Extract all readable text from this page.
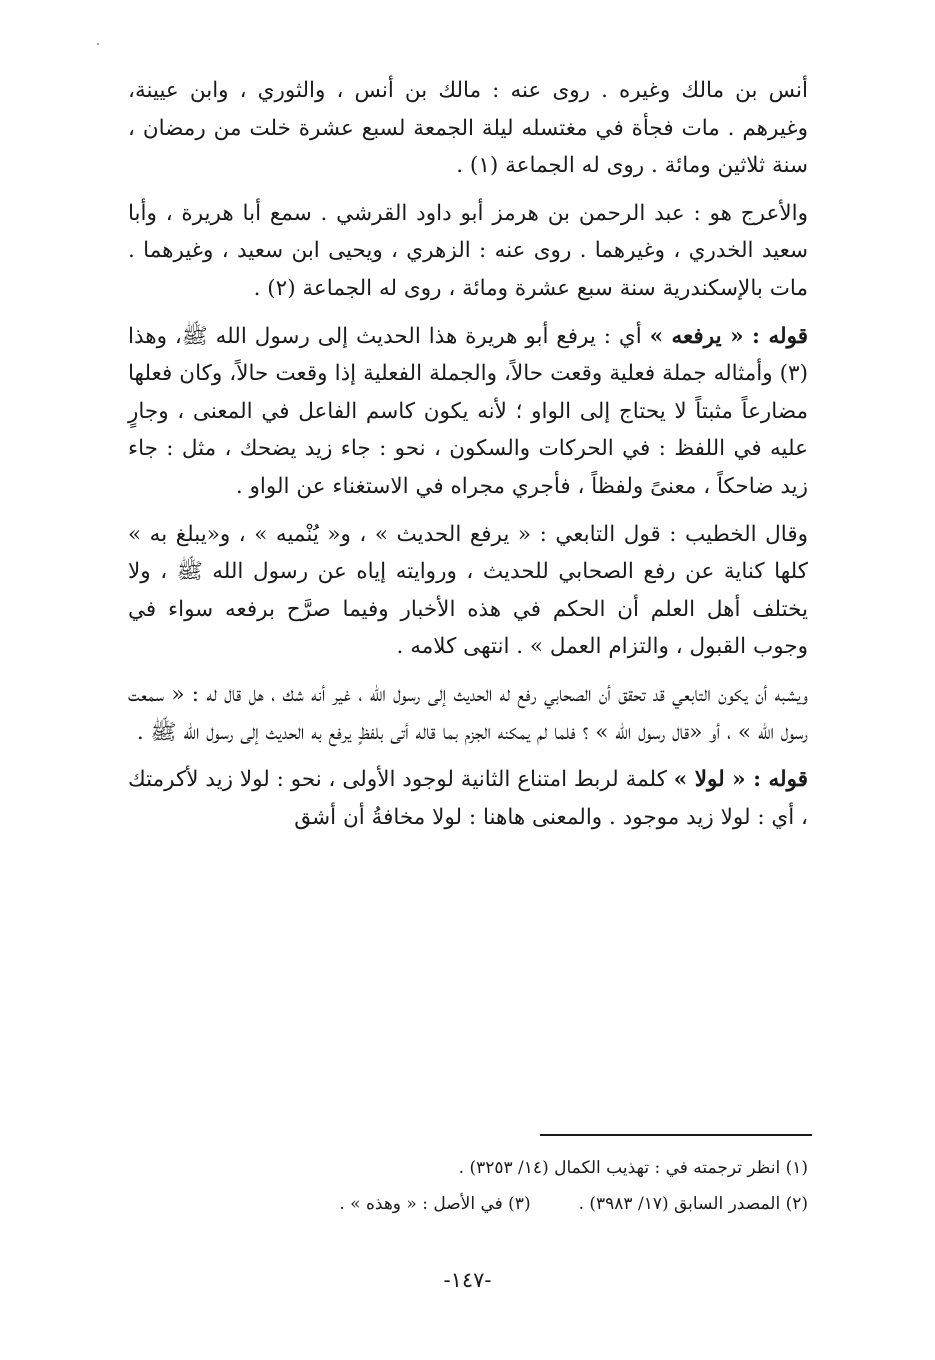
أنس بن مالك وغيره . روى عنه : مالك بن أنس ، والثوري ، وابن عيينة، وغيرهم . مات فجأة في مغتسله ليلة الجمعة لسبع عشرة خلت من رمضان ، سنة ثلاثين ومائة . روى له الجماعة (١) .

والأعرج هو : عبد الرحمن بن هرمز أبو داود القرشي . سمع أبا هريرة ، وأبا سعيد الخدري ، وغيرهما . روى عنه : الزهري ، ويحيى ابن سعيد ، وغيرهما . مات بالإسكندرية سنة سبع عشرة ومائة ، روى له الجماعة (٢) .

قوله : « يرفعه » أي : يرفع أبو هريرة هذا الحديث إلى رسول الله ﷺ، وهذا (٣) وأمثاله جملة فعلية وقعت حالاً، والجملة الفعلية إذا وقعت حالاً، وكان فعلها مضارعاً مثبتاً لا يحتاج إلى الواو ؛ لأنه يكون كاسم الفاعل في المعنى ، وجارٍ عليه في اللفظ : في الحركات والسكون ، نحو : جاء زيد يضحك ، مثل : جاء زيد ضاحكاً ، معنىً ولفظاً ، فأجري مجراه في الاستغناء عن الواو .

وقال الخطيب : قول التابعي : « يرفع الحديث » ، و« يُنْميه » ، و«يبلغ به » كلها كناية عن رفع الصحابي للحديث ، وروايته إياه عن رسول الله ﷺ ، ولا يختلف أهل العلم أن الحكم في هذه الأخبار وفيما صرَّح برفعه سواء في وجوب القبول ، والتزام العمل » . انتهى كلامه .

ويشبه أن يكون التابعي قد تحقق أن الصحابي رفع له الحديث إلى رسول الله ، غير أنه شك ، هل قال له : « سمعت رسول الله » ، أو «قال رسول الله » ؟ فلما لم يمكنه الجزم بما قاله أتى بلفظٍ يرفع به الحديث إلى رسول الله ﷺ .

قوله : « لولا » كلمة لربط امتناع الثانية لوجود الأولى ، نحو : لولا زيد لأكرمتك ، أي : لولا زيد موجود . والمعنى هاهنا : لولا مخافةُ أن أشق

(١) انظر ترجمته في : تهذيب الكمال (١٤/ ٣٢٥٣) .
(٢) المصدر السابق (١٧/ ٣٩٨٣) .(٣) في الأصل : « وهذه » .
-١٤٧-
